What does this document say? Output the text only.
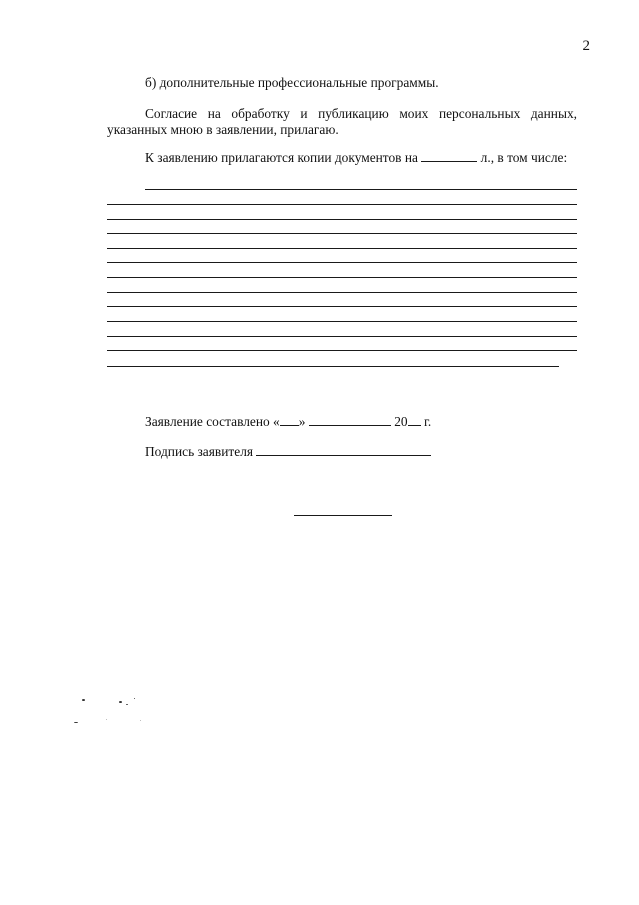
2
б) дополнительные профессиональные программы.
Согласие на обработку и публикацию моих персональных данных, указанных мною в заявлении, прилагаю.
К заявлению прилагаются копии документов на	л., в том числе:
Заявление составлено « »	20 г.
Подпись заявителя
